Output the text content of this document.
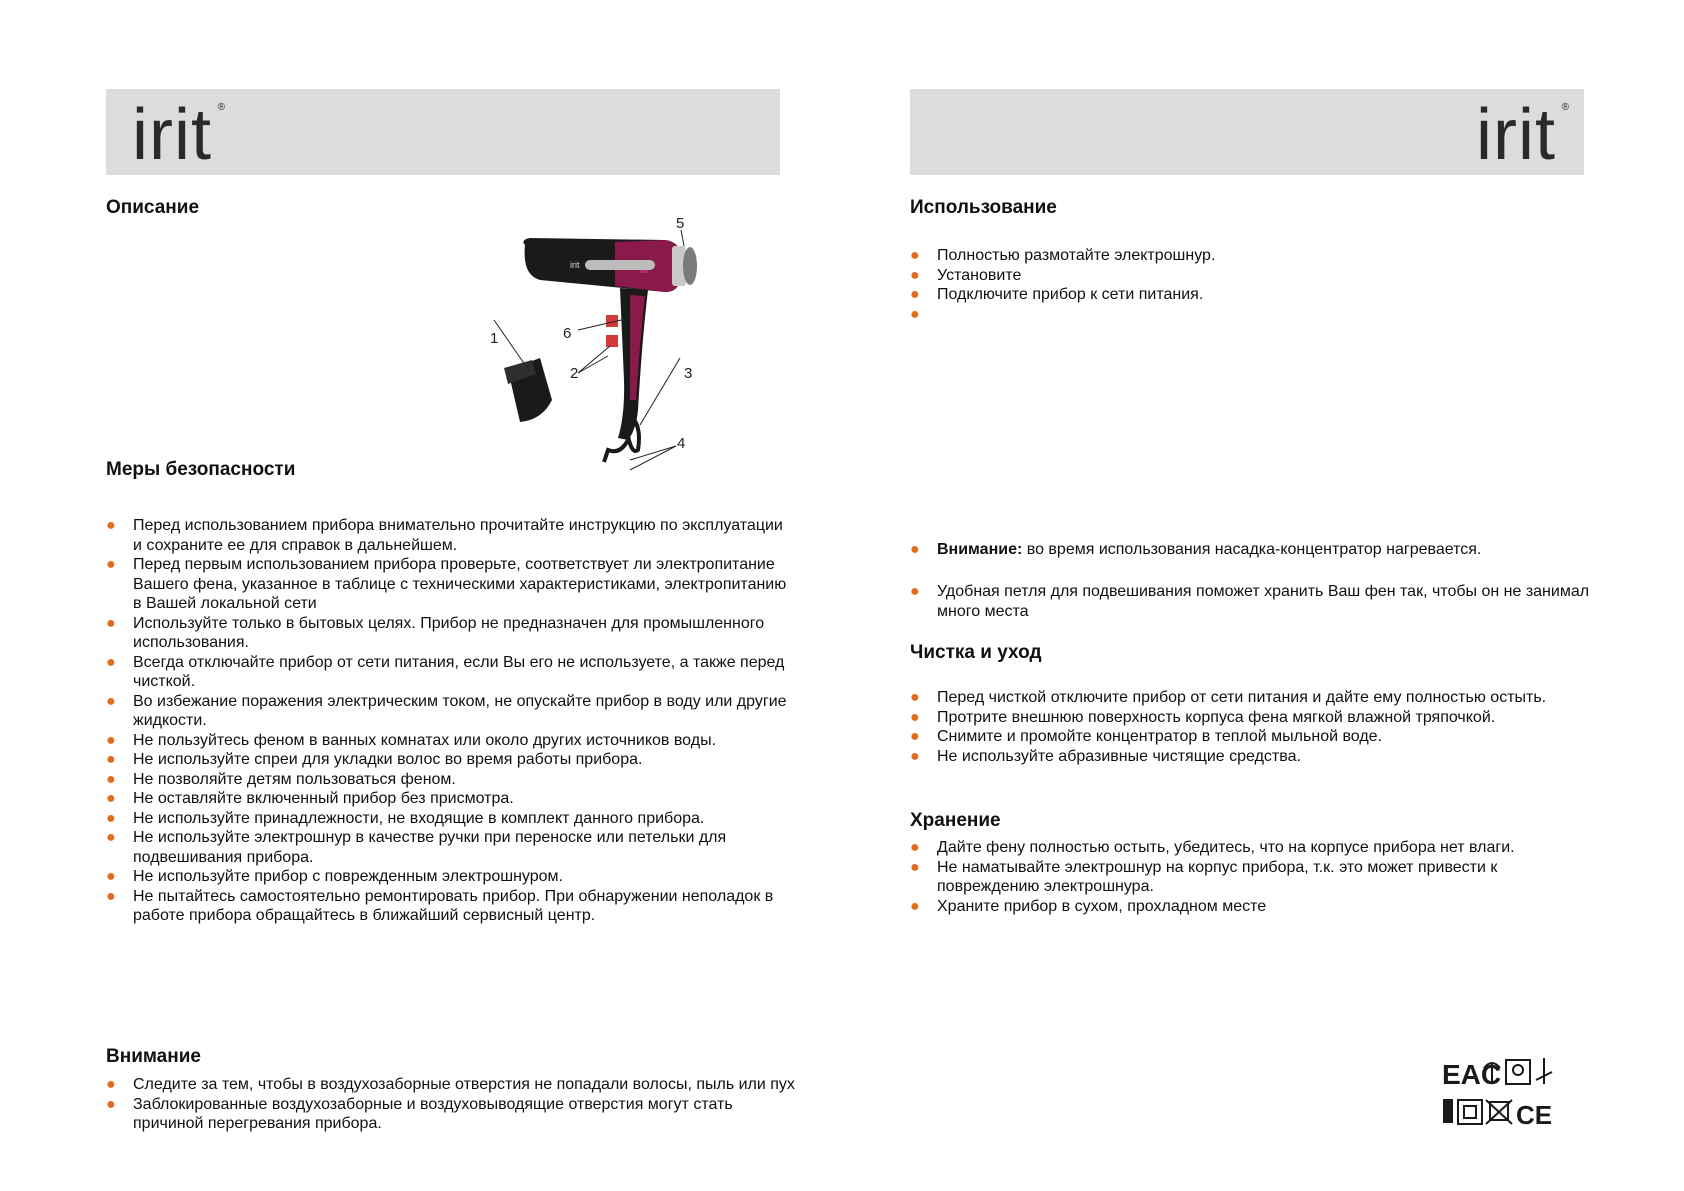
irit ®	irit ®
Описание
irit
1
2	3
4
5
6
Меры безопасности
● Перед использованием прибора внимательно прочитайте инструкцию по эксплуатации и сохраните ее для справок в дальнейшем.
● Перед первым использованием прибора проверьте, соответствует ли электропитание Вашего фена, указанное в таблице с техническими характеристиками, электропитанию в Вашей локальной сети
● Используйте только в бытовых целях. Прибор не предназначен для промышленного использования.
● Всегда отключайте прибор от сети питания, если Вы его не используете, а также перед чисткой.
● Во избежание поражения электрическим током, не опускайте прибор в воду или другие жидкости.
● Не пользуйтесь феном в ванных комнатах или около других источников воды.
● Не используйте спреи для укладки волос во время работы прибора.
● Не позволяйте детям пользоваться феном.
● Не оставляйте включенный прибор без присмотра.
● Не используйте принадлежности, не входящие в комплект данного прибора.
● Не используйте электрошнур в качестве ручки при переноске или петельки для подвешивания прибора.
● Не используйте прибор с поврежденным электрошнуром.
● Не пытайтесь самостоятельно ремонтировать прибор. При обнаружении неполадок в работе прибора обращайтесь в ближайший сервисный центр.
Внимание
● Следите за тем, чтобы в воздухозаборные отверстия не попадали волосы, пыль или пух
● Заблокированные воздухозаборные и воздуховыводящие отверстия могут стать причиной перегревания прибора.
Использование
● Полностью размотайте электрошнур.
● Установите
● Подключите прибор к сети питания.
●
● Внимание: во время использования насадка-концентратор нагревается.
● Удобная петля для подвешивания поможет хранить Ваш фен так, чтобы он не занимал много места
Чистка и уход
● Перед чисткой отключите прибор от сети питания и дайте ему полностью остыть.
● Протрите внешнюю поверхность корпуса фена мягкой влажной тряпочкой.
● Снимите и промойте концентратор в теплой мыльной воде.
● Не используйте абразивные чистящие средства.
Хранение
● Дайте фену полностью остыть, убедитесь, что на корпусе прибора нет влаги.
● Не наматывайте электрошнур на корпус прибора, т.к. это может привести к повреждению электрошнура.
● Храните прибор в сухом, прохладном месте
EAC
CE
